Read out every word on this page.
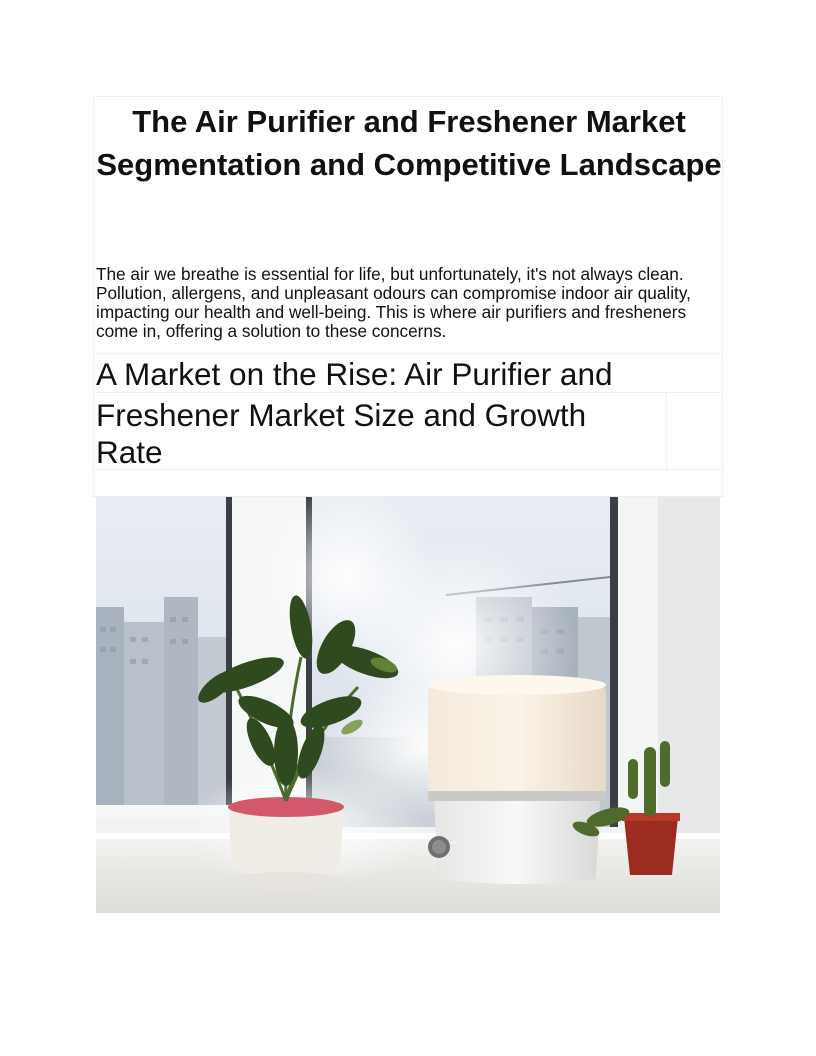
The Air Purifier and Freshener Market Segmentation and Competitive Landscape

The air we breathe is essential for life, but unfortunately, it's not always clean. Pollution, allergens, and unpleasant odours can compromise indoor air quality, impacting our health and well-being. This is where air purifiers and fresheners come in, offering a solution to these concerns.

A Market on the Rise: Air Purifier and
Freshener Market Size and Growth
Rate
